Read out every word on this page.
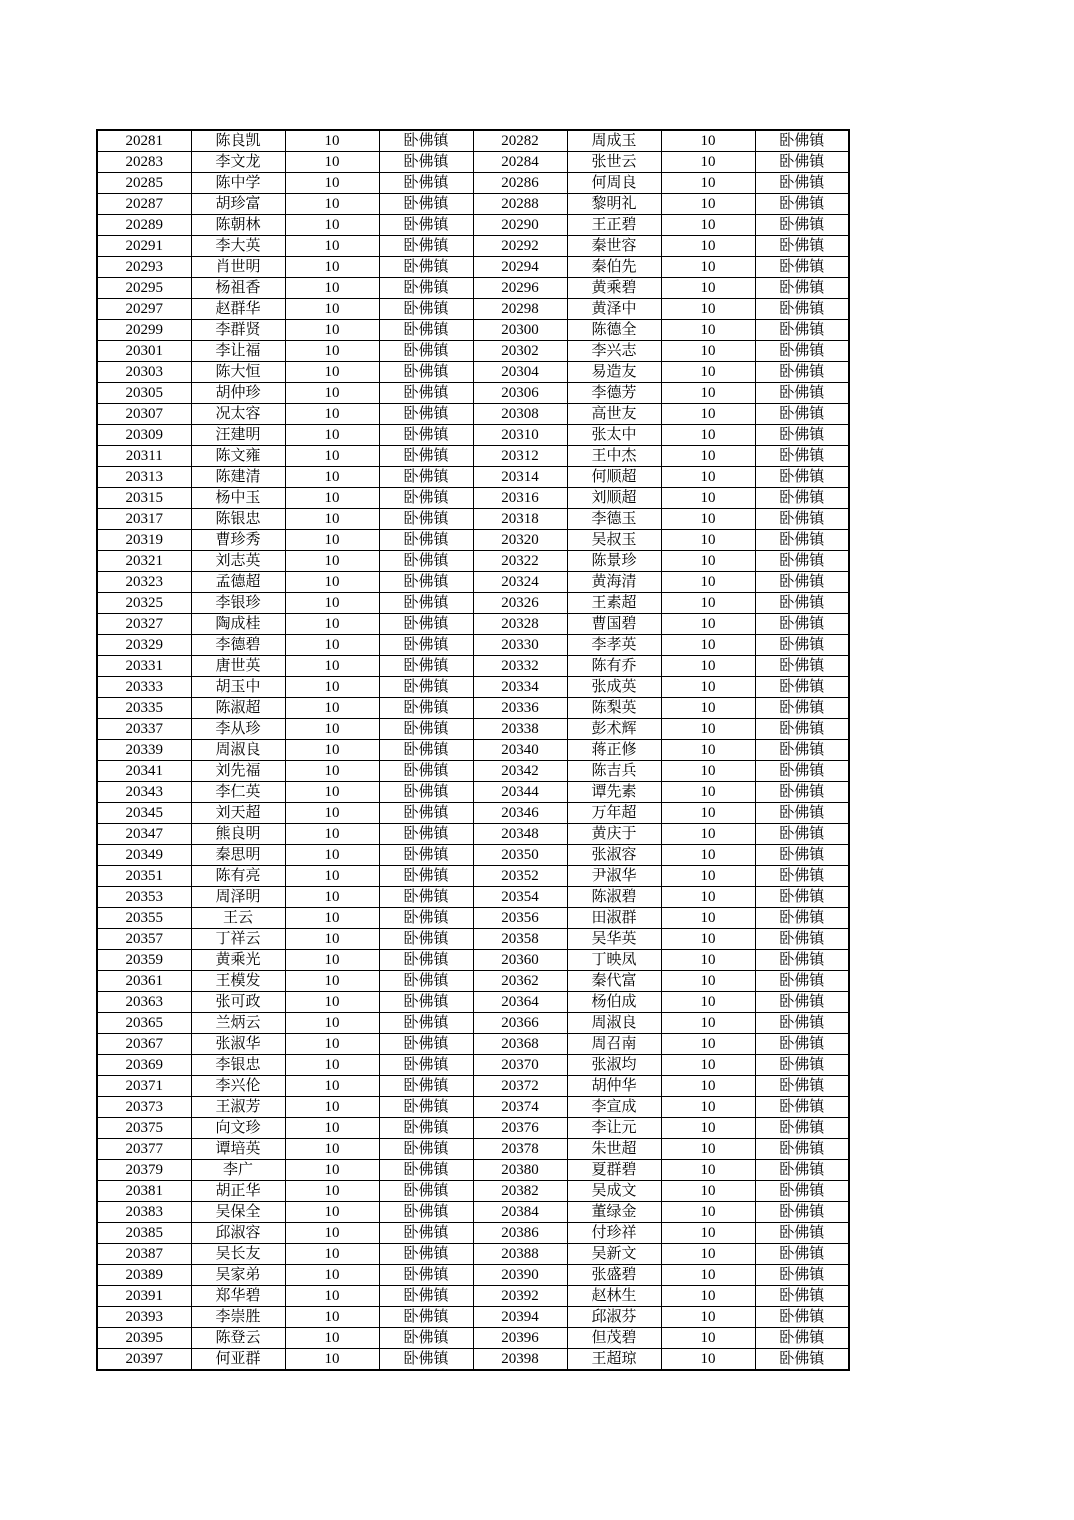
20281	陈良凯	10	卧佛镇	20282	周成玉	10	卧佛镇
20283	李文龙	10	卧佛镇	20284	张世云	10	卧佛镇
20285	陈中学	10	卧佛镇	20286	何周良	10	卧佛镇
20287	胡珍富	10	卧佛镇	20288	黎明礼	10	卧佛镇
20289	陈朝林	10	卧佛镇	20290	王正碧	10	卧佛镇
20291	李大英	10	卧佛镇	20292	秦世容	10	卧佛镇
20293	肖世明	10	卧佛镇	20294	秦伯先	10	卧佛镇
20295	杨祖香	10	卧佛镇	20296	黄乘碧	10	卧佛镇
20297	赵群华	10	卧佛镇	20298	黄泽中	10	卧佛镇
20299	李群贤	10	卧佛镇	20300	陈德全	10	卧佛镇
20301	李让福	10	卧佛镇	20302	李兴志	10	卧佛镇
20303	陈大恒	10	卧佛镇	20304	易造友	10	卧佛镇
20305	胡仲珍	10	卧佛镇	20306	李德芳	10	卧佛镇
20307	况太容	10	卧佛镇	20308	高世友	10	卧佛镇
20309	汪建明	10	卧佛镇	20310	张太中	10	卧佛镇
20311	陈文雍	10	卧佛镇	20312	王中杰	10	卧佛镇
20313	陈建清	10	卧佛镇	20314	何顺超	10	卧佛镇
20315	杨中玉	10	卧佛镇	20316	刘顺超	10	卧佛镇
20317	陈银忠	10	卧佛镇	20318	李德玉	10	卧佛镇
20319	曹珍秀	10	卧佛镇	20320	吴叔玉	10	卧佛镇
20321	刘志英	10	卧佛镇	20322	陈景珍	10	卧佛镇
20323	孟德超	10	卧佛镇	20324	黄海清	10	卧佛镇
20325	李银珍	10	卧佛镇	20326	王素超	10	卧佛镇
20327	陶成桂	10	卧佛镇	20328	曹国碧	10	卧佛镇
20329	李德碧	10	卧佛镇	20330	李孝英	10	卧佛镇
20331	唐世英	10	卧佛镇	20332	陈有乔	10	卧佛镇
20333	胡玉中	10	卧佛镇	20334	张成英	10	卧佛镇
20335	陈淑超	10	卧佛镇	20336	陈梨英	10	卧佛镇
20337	李从珍	10	卧佛镇	20338	彭术辉	10	卧佛镇
20339	周淑良	10	卧佛镇	20340	蒋正修	10	卧佛镇
20341	刘先福	10	卧佛镇	20342	陈吉兵	10	卧佛镇
20343	李仁英	10	卧佛镇	20344	谭先素	10	卧佛镇
20345	刘天超	10	卧佛镇	20346	万年超	10	卧佛镇
20347	熊良明	10	卧佛镇	20348	黄庆于	10	卧佛镇
20349	秦思明	10	卧佛镇	20350	张淑容	10	卧佛镇
20351	陈有亮	10	卧佛镇	20352	尹淑华	10	卧佛镇
20353	周泽明	10	卧佛镇	20354	陈淑碧	10	卧佛镇
20355	王云	10	卧佛镇	20356	田淑群	10	卧佛镇
20357	丁祥云	10	卧佛镇	20358	吴华英	10	卧佛镇
20359	黄乘光	10	卧佛镇	20360	丁映凤	10	卧佛镇
20361	王模发	10	卧佛镇	20362	秦代富	10	卧佛镇
20363	张可政	10	卧佛镇	20364	杨伯成	10	卧佛镇
20365	兰炳云	10	卧佛镇	20366	周淑良	10	卧佛镇
20367	张淑华	10	卧佛镇	20368	周召南	10	卧佛镇
20369	李银忠	10	卧佛镇	20370	张淑均	10	卧佛镇
20371	李兴伦	10	卧佛镇	20372	胡仲华	10	卧佛镇
20373	王淑芳	10	卧佛镇	20374	李宣成	10	卧佛镇
20375	向文珍	10	卧佛镇	20376	李让元	10	卧佛镇
20377	谭培英	10	卧佛镇	20378	朱世超	10	卧佛镇
20379	李广	10	卧佛镇	20380	夏群碧	10	卧佛镇
20381	胡正华	10	卧佛镇	20382	吴成文	10	卧佛镇
20383	吴保全	10	卧佛镇	20384	董绿金	10	卧佛镇
20385	邱淑容	10	卧佛镇	20386	付珍祥	10	卧佛镇
20387	吴长友	10	卧佛镇	20388	吴新文	10	卧佛镇
20389	吴家弟	10	卧佛镇	20390	张盛碧	10	卧佛镇
20391	郑华碧	10	卧佛镇	20392	赵林生	10	卧佛镇
20393	李崇胜	10	卧佛镇	20394	邱淑芬	10	卧佛镇
20395	陈登云	10	卧佛镇	20396	但茂碧	10	卧佛镇
20397	何亚群	10	卧佛镇	20398	王超琼	10	卧佛镇
